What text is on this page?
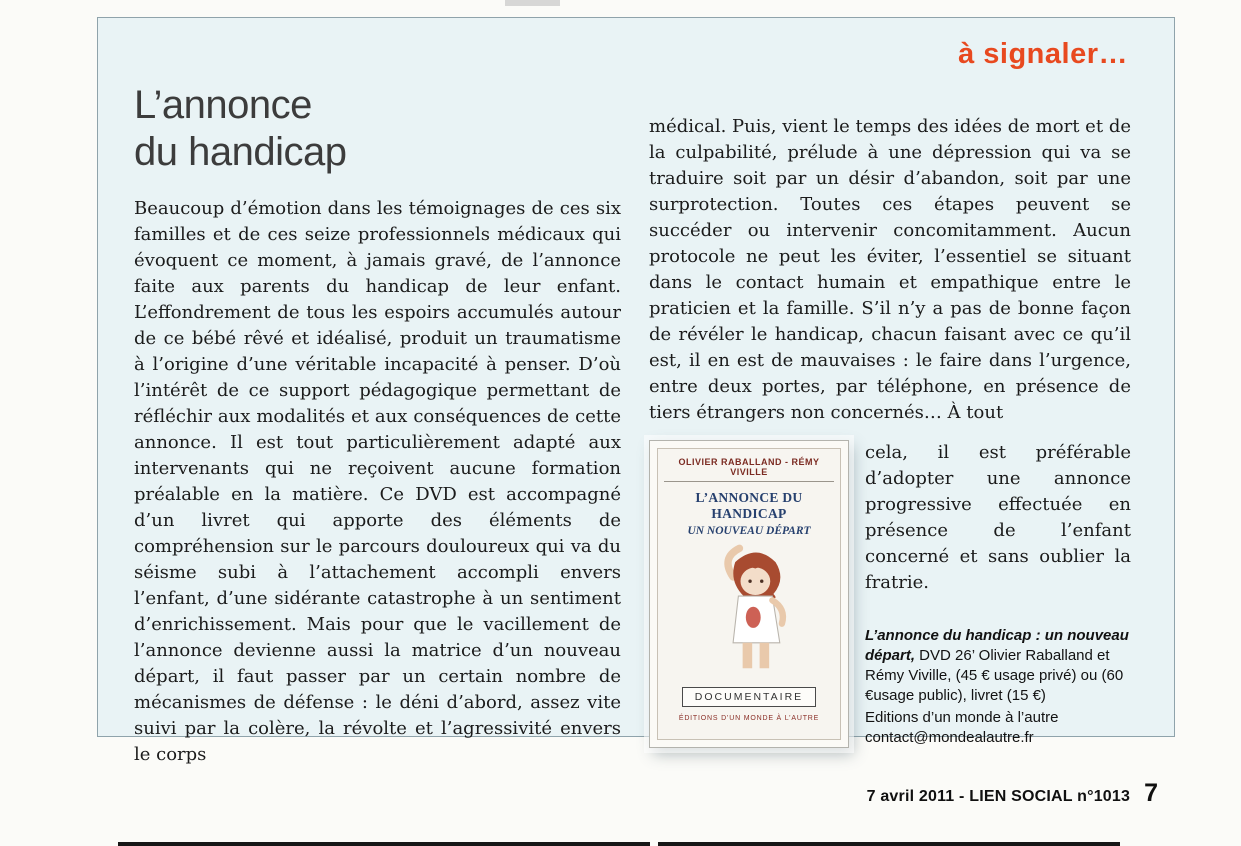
à signaler…
L’annonce
du handicap

Beaucoup d’émotion dans les témoignages de ces six familles et de ces seize professionnels médicaux qui évoquent ce moment, à jamais gravé, de l’annonce faite aux parents du handicap de leur enfant. L’effondrement de tous les espoirs accumulés autour de ce bébé rêvé et idéalisé, produit un traumatisme à l’origine d’une véritable incapacité à penser. D’où l’intérêt de ce support pédagogique permettant de réfléchir aux modalités et aux conséquences de cette annonce. Il est tout particulièrement adapté aux intervenants qui ne reçoivent aucune formation préalable en la matière. Ce DVD est accompagné d’un livret qui apporte des éléments de compréhension sur le parcours douloureux qui va du séisme subi à l’attachement accompli envers l’enfant, d’une sidérante catastrophe à un sentiment d’enrichissement. Mais pour que le vacillement de l’annonce devienne aussi la matrice d’un nouveau départ, il faut passer par un certain nombre de mécanismes de défense : le déni d’abord, assez vite suivi par la colère, la révolte et l’agressivité envers le corps

médical. Puis, vient le temps des idées de mort et de la culpabilité, prélude à une dépression qui va se traduire soit par un désir d’abandon, soit par une surprotection. Toutes ces étapes peuvent se succéder ou intervenir concomitamment. Aucun protocole ne peut les éviter, l’essentiel se situant dans le contact humain et empathique entre le praticien et la famille. S’il n’y a pas de bonne façon de révéler le handicap, chacun faisant avec ce qu’il est, il en est de mauvaises : le faire dans l’urgence, entre deux portes, par téléphone, en présence de tiers étrangers non concernés… À tout

OLIVIER RABALLAND - RÉMY VIVILLE
L’ANNONCE DU HANDICAP
UN NOUVEAU DÉPART
DOCUMENTAIRE
ÉDITIONS D’UN MONDE À L’AUTRE

cela, il est préférable d’adopter une annonce progressive effectuée en présence de l’enfant concerné et sans oublier la fratrie.

L’annonce du handicap : un nouveau départ, DVD 26’ Olivier Raballand et Rémy Viville, (45 € usage privé) ou (60 €usage public), livret (15 €)

Editions d’un monde à l’autre
contact@mondealautre.fr
7 avril 2011 - LIEN SOCIAL n°1013 7
